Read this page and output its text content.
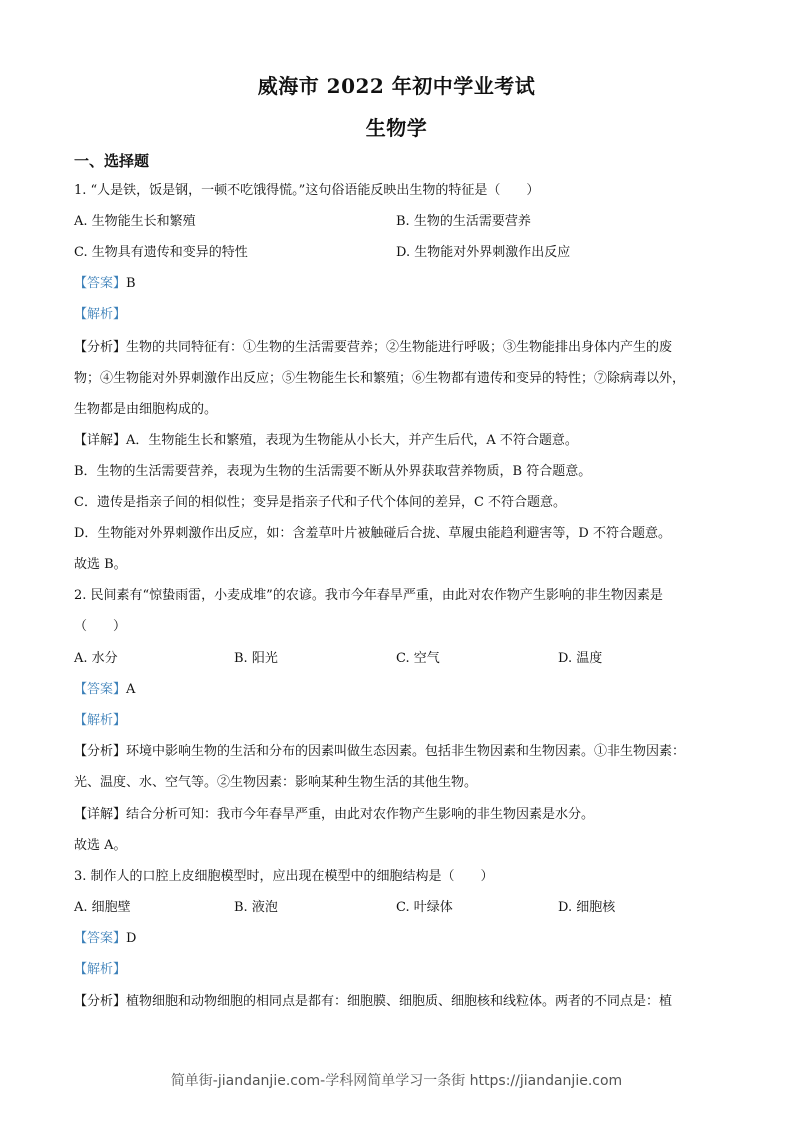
威海市 2022 年初中学业考试
生物学
一、选择题
1. “人是铁，饭是钢，一顿不吃饿得慌。”这句俗语能反映出生物的特征是（　　）
A. 生物能生长和繁殖	B. 生物的生活需要营养
C. 生物具有遗传和变异的特性	D. 生物能对外界刺激作出反应
【答案】B
【解析】
【分析】生物的共同特征有：①生物的生活需要营养；②生物能进行呼吸；③生物能排出身体内产生的废
物；④生物能对外界刺激作出反应；⑤生物能生长和繁殖；⑥生物都有遗传和变异的特性；⑦除病毒以外，
生物都是由细胞构成的。
【详解】A．生物能生长和繁殖，表现为生物能从小长大，并产生后代，A 不符合题意。
B．生物的生活需要营养，表现为生物的生活需要不断从外界获取营养物质，B 符合题意。
C．遗传是指亲子间的相似性；变异是指亲子代和子代个体间的差异，C 不符合题意。
D．生物能对外界刺激作出反应，如：含羞草叶片被触碰后合拢、草履虫能趋利避害等，D 不符合题意。
故选 B。
2. 民间素有“惊蛰雨雷，小麦成堆”的农谚。我市今年春旱严重，由此对农作物产生影响的非生物因素是
（　　）
A. 水分	B. 阳光	C. 空气	D. 温度
【答案】A
【解析】
【分析】环境中影响生物的生活和分布的因素叫做生态因素。包括非生物因素和生物因素。①非生物因素：
光、温度、水、空气等。②生物因素：影响某种生物生活的其他生物。
【详解】结合分析可知：我市今年春旱严重，由此对农作物产生影响的非生物因素是水分。
故选 A。
3. 制作人的口腔上皮细胞模型时，应出现在模型中的细胞结构是（　　）
A. 细胞壁	B. 液泡	C. 叶绿体	D. 细胞核
【答案】D
【解析】
【分析】植物细胞和动物细胞的相同点是都有：细胞膜、细胞质、细胞核和线粒体。两者的不同点是：植
简单街-jiandanjie.com-学科网简单学习一条街 https://jiandanjie.com
